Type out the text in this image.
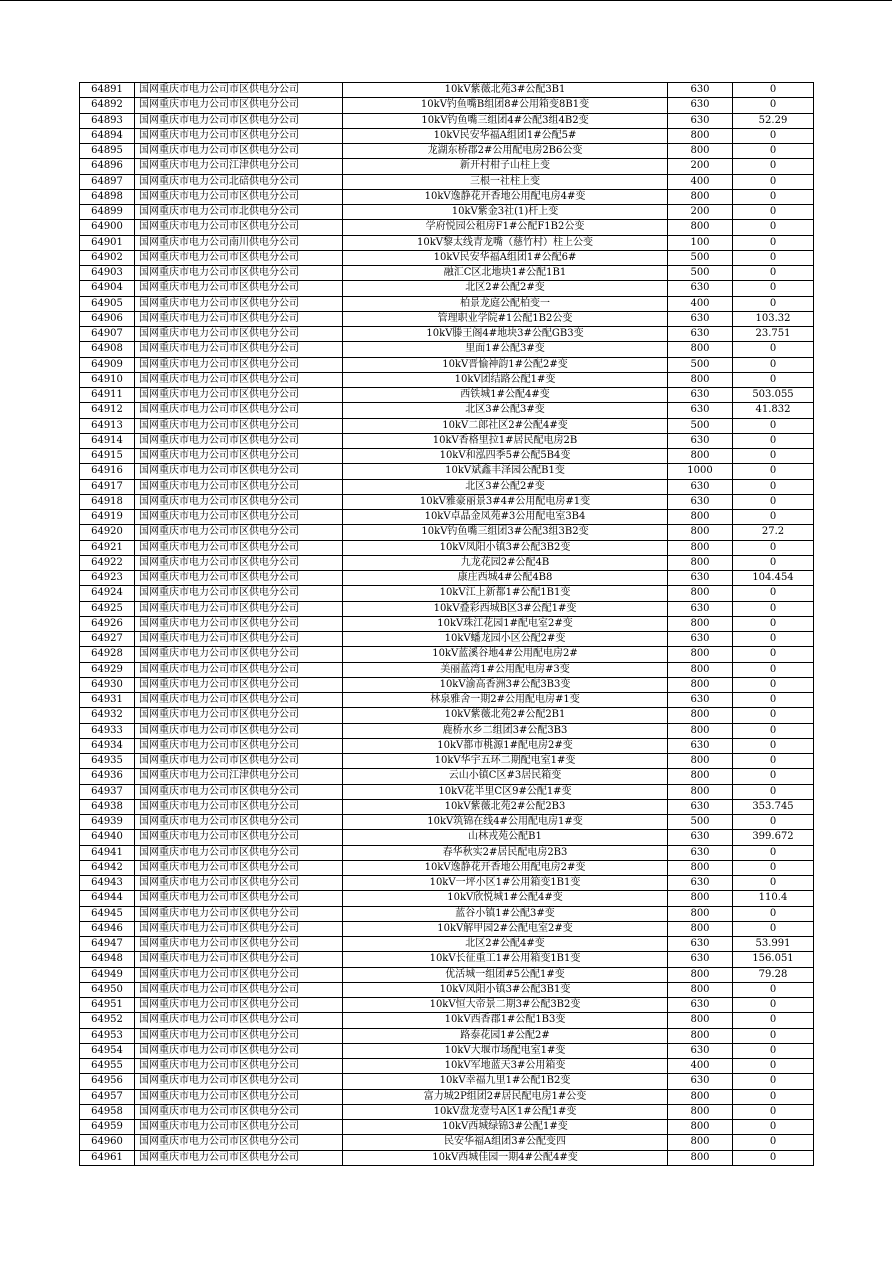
64891	国网重庆市电力公司市区供电分公司	10kV紫薇北苑3#公配3B1	630	0
64892	国网重庆市电力公司市区供电分公司	10kV钓鱼嘴B组团8#公用箱变8B1变	630	0
64893	国网重庆市电力公司市区供电分公司	10kV钓鱼嘴三组团4#公配3组4B2变	630	52.29
64894	国网重庆市电力公司市区供电分公司	10kV民安华福A组团1#公配5#	800	0
64895	国网重庆市电力公司市区供电分公司	龙湖东桥郡2#公用配电房2B6公变	800	0
64896	国网重庆市电力公司江津供电分公司	新开村柑子山柱上变	200	0
64897	国网重庆市电力公司北碚供电分公司	三根一社柱上变	400	0
64898	国网重庆市电力公司市区供电分公司	10kV逸静花开香地公用配电房4#变	800	0
64899	国网重庆市电力公司市北供电分公司	10kV紫金3社(1)杆上变	200	0
64900	国网重庆市电力公司市区供电分公司	学府悦园公租房F1#公配F1B2公变	800	0
64901	国网重庆市电力公司南川供电分公司	10kV黎太线青龙嘴（慈竹村）柱上公变	100	0
64902	国网重庆市电力公司市区供电分公司	10kV民安华福A组团1#公配6#	500	0
64903	国网重庆市电力公司市区供电分公司	融汇C区北地块1#公配1B1	500	0
64904	国网重庆市电力公司市区供电分公司	北区2#公配2#变	630	0
64905	国网重庆市电力公司市区供电分公司	柏景龙庭公配柏变一	400	0
64906	国网重庆市电力公司市区供电分公司	管理职业学院#1公配1B2公变	630	103.32
64907	国网重庆市电力公司市区供电分公司	10kV滕王阁4#地块3#公配GB3变	630	23.751
64908	国网重庆市电力公司市区供电分公司	里面1#公配3#变	800	0
64909	国网重庆市电力公司市区供电分公司	10kV晋愉神韵1#公配2#变	500	0
64910	国网重庆市电力公司市区供电分公司	10kV团结路公配1#变	800	0
64911	国网重庆市电力公司市区供电分公司	西铁城1#公配4#变	630	503.055
64912	国网重庆市电力公司市区供电分公司	北区3#公配3#变	630	41.832
64913	国网重庆市电力公司市区供电分公司	10kV二郎社区2#公配4#变	500	0
64914	国网重庆市电力公司市区供电分公司	10kV香格里拉1#居民配电房2B	630	0
64915	国网重庆市电力公司市区供电分公司	10kV和泓四季5#公配5B4变	800	0
64916	国网重庆市电力公司市区供电分公司	10kV斌鑫丰泽园公配B1变	1000	0
64917	国网重庆市电力公司市区供电分公司	北区3#公配2#变	630	0
64918	国网重庆市电力公司市区供电分公司	10kV雅豪丽景3#4#公用配电房#1变	630	0
64919	国网重庆市电力公司市区供电分公司	10kV卓晶金凤苑#3公用配电室3B4	800	0
64920	国网重庆市电力公司市区供电分公司	10kV钓鱼嘴三组团3#公配3组3B2变	800	27.2
64921	国网重庆市电力公司市区供电分公司	10kV凤阳小镇3#公配3B2变	800	0
64922	国网重庆市电力公司市区供电分公司	九龙花园2#公配4B	800	0
64923	国网重庆市电力公司市区供电分公司	康庄西城4#公配4B8	630	104.454
64924	国网重庆市电力公司市区供电分公司	10kV江上新都1#公配1B1变	800	0
64925	国网重庆市电力公司市区供电分公司	10kV叠彩西城B区3#公配1#变	630	0
64926	国网重庆市电力公司市区供电分公司	10kV珠江花园1#配电室2#变	800	0
64927	国网重庆市电力公司市区供电分公司	10kV蟠龙园小区公配2#变	630	0
64928	国网重庆市电力公司市区供电分公司	10kV蓝溪谷地4#公用配电房2#	800	0
64929	国网重庆市电力公司市区供电分公司	美丽蓝湾1#公用配电房#3变	800	0
64930	国网重庆市电力公司市区供电分公司	10kV渝高香洲3#公配3B3变	800	0
64931	国网重庆市电力公司市区供电分公司	林泉雅舍一期2#公用配电房#1变	630	0
64932	国网重庆市电力公司市区供电分公司	10kV紫薇北苑2#公配2B1	800	0
64933	国网重庆市电力公司市区供电分公司	鹿桥水乡二组团3#公配3B3	800	0
64934	国网重庆市电力公司市区供电分公司	10kV都市桃源1#配电房2#变	630	0
64935	国网重庆市电力公司市区供电分公司	10kV华宇五环二期配电室1#变	800	0
64936	国网重庆市电力公司江津供电分公司	云山小镇C区#3居民箱变	800	0
64937	国网重庆市电力公司市区供电分公司	10kV花半里C区9#公配1#变	800	0
64938	国网重庆市电力公司市区供电分公司	10kV紫薇北苑2#公配2B3	630	353.745
64939	国网重庆市电力公司市区供电分公司	10kV筑锦在线4#公用配电房1#变	500	0
64940	国网重庆市电力公司市区供电分公司	山林戎苑公配B1	630	399.672
64941	国网重庆市电力公司市区供电分公司	春华秋实2#居民配电房2B3	630	0
64942	国网重庆市电力公司市区供电分公司	10kV逸静花开香地公用配电房2#变	800	0
64943	国网重庆市电力公司市区供电分公司	10kV一坪小区1#公用箱变1B1变	630	0
64944	国网重庆市电力公司市区供电分公司	10kV欣悦城1#公配4#变	800	110.4
64945	国网重庆市电力公司市区供电分公司	蓝谷小镇1#公配3#变	800	0
64946	国网重庆市电力公司市区供电分公司	10kV解甲园2#公配电室2#变	800	0
64947	国网重庆市电力公司市区供电分公司	北区2#公配4#变	630	53.991
64948	国网重庆市电力公司市区供电分公司	10kV长征重工1#公用箱变1B1变	630	156.051
64949	国网重庆市电力公司市区供电分公司	优活城一组团#5公配1#变	800	79.28
64950	国网重庆市电力公司市区供电分公司	10kV凤阳小镇3#公配3B1变	800	0
64951	国网重庆市电力公司市区供电分公司	10kV恒大帝景二期3#公配3B2变	630	0
64952	国网重庆市电力公司市区供电分公司	10kV西香郡1#公配1B3变	800	0
64953	国网重庆市电力公司市区供电分公司	路泰花园1#公配2#	800	0
64954	国网重庆市电力公司市区供电分公司	10kV大堰市场配电室1#变	630	0
64955	国网重庆市电力公司市区供电分公司	10kV军地蓝天3#公用箱变	400	0
64956	国网重庆市电力公司市区供电分公司	10kV幸福九里1#公配1B2变	630	0
64957	国网重庆市电力公司市区供电分公司	富力城2P组团2#居民配电房1#公变	800	0
64958	国网重庆市电力公司市区供电分公司	10kV盘龙壹号A区1#公配1#变	800	0
64959	国网重庆市电力公司市区供电分公司	10kV西城绿锦3#公配1#变	800	0
64960	国网重庆市电力公司市区供电分公司	民安华福A组团3#公配变四	800	0
64961	国网重庆市电力公司市区供电分公司	10kV西城佳园一期4#公配4#变	800	0
